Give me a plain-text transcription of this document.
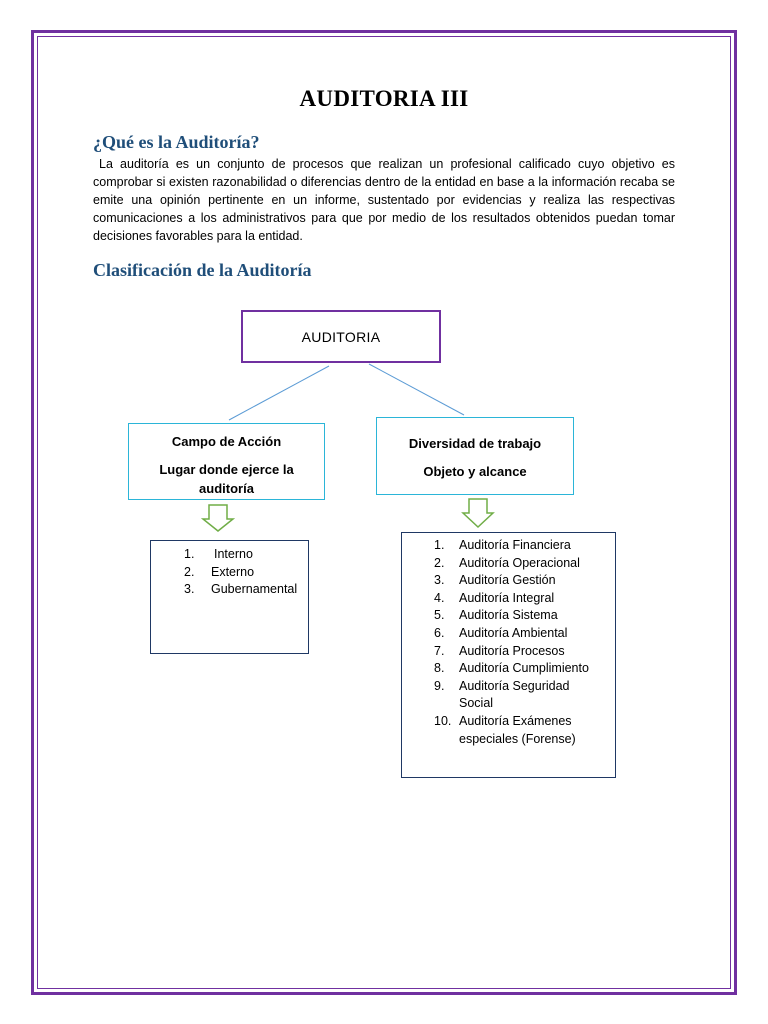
AUDITORIA III
¿Qué es la Auditoría?
La auditoría es un conjunto de procesos que realizan un profesional calificado cuyo objetivo es comprobar si existen razonabilidad o diferencias dentro de la entidad en base a la información recaba se emite una opinión pertinente en un informe, sustentado por evidencias y realiza las respectivas comunicaciones a los administrativos para que por medio de los resultados obtenidos puedan tomar decisiones favorables para la entidad.
Clasificación de la Auditoría
AUDITORIA

Campo de Acción

Lugar donde ejerce la auditoría

Diversidad de trabajo

Objeto y alcance

1.	Interno
2.	Externo
3.	Gubernamental
1.	Auditoría Financiera
2.	Auditoría Operacional
3.	Auditoría Gestión
4.	Auditoría Integral
5.	Auditoría Sistema
6.	Auditoría Ambiental
7.	Auditoría Procesos
8.	Auditoría Cumplimiento
9.	Auditoría Seguridad Social
10. Auditoría Exámenes especiales (Forense)
